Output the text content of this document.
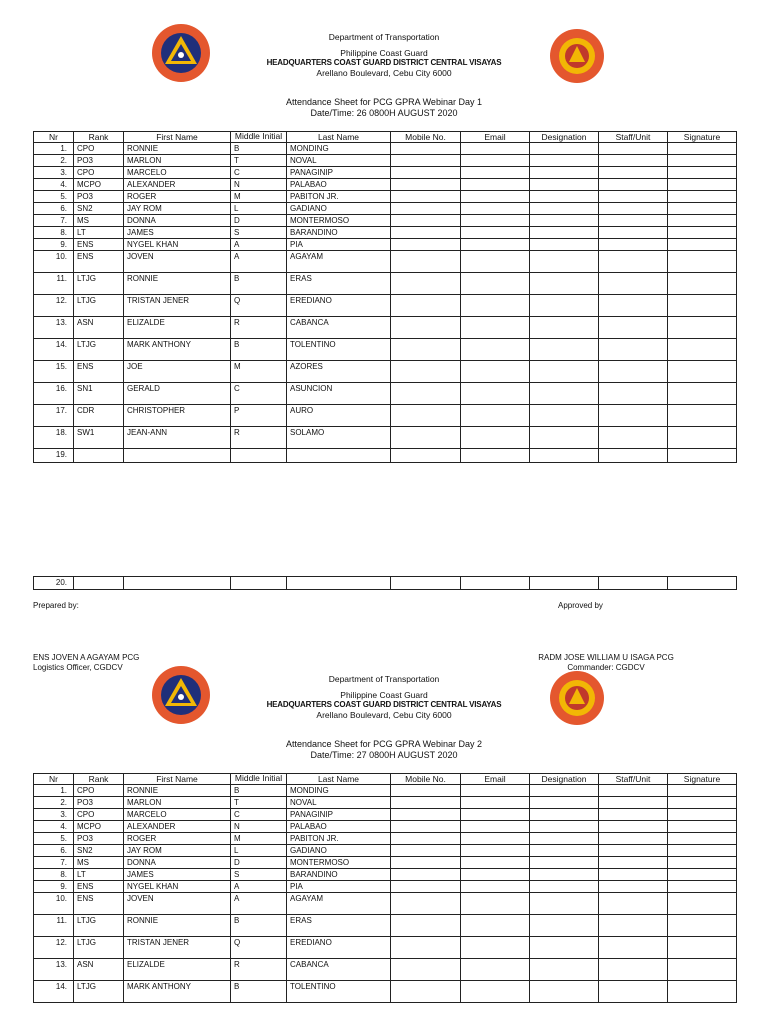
Department of Transportation
Philippine Coast Guard
HEADQUARTERS COAST GUARD DISTRICT CENTRAL VISAYAS
Arellano Boulevard, Cebu City 6000
Attendance Sheet for PCG GPRA Webinar Day 1
Date/Time: 26 0800H AUGUST 2020
Nr	Rank	First Name	Middle Initial	Last Name	Mobile No.	Email	Designation	Staff/Unit	Signature
1.	CPO	RONNIE	B	MONDING					
2.	PO3	MARLON	T	NOVAL					
3.	CPO	MARCELO	C	PANAGINIP					
4.	MCPO	ALEXANDER	N	PALABAO					
5.	PO3	ROGER	M	PABITON JR.					
6.	SN2	JAY ROM	L	GADIANO					
7.	MS	DONNA	D	MONTERMOSO					
8.	LT	JAMES	S	BARANDINO					
9.	ENS	NYGEL KHAN	A	PIA					
10.	ENS	JOVEN	A	AGAYAM					
11.	LTJG	RONNIE	B	ERAS					
12.	LTJG	TRISTAN JENER	Q	EREDIANO					
13.	ASN	ELIZALDE	R	CABANCA					
14.	LTJG	MARK ANTHONY	B	TOLENTINO					
15.	ENS	JOE	M	AZORES					
16.	SN1	GERALD	C	ASUNCION					
17.	CDR	CHRISTOPHER	P	AURO					
18.	SW1	JEAN-ANN	R	SOLAMO					
19.									
20.									
Prepared by:	Approved by
ENS JOVEN A AGAYAM PCG
Logistics Officer, CGDCV
RADM JOSE WILLIAM U ISAGA PCG
Commander: CGDCV
Department of Transportation
Philippine Coast Guard
HEADQUARTERS COAST GUARD DISTRICT CENTRAL VISAYAS
Arellano Boulevard, Cebu City 6000
Attendance Sheet for PCG GPRA Webinar Day 2
Date/Time: 27 0800H AUGUST 2020
Nr	Rank	First Name	Middle Initial	Last Name	Mobile No.	Email	Designation	Staff/Unit	Signature
1.	CPO	RONNIE	B	MONDING					
2.	PO3	MARLON	T	NOVAL					
3.	CPO	MARCELO	C	PANAGINIP					
4.	MCPO	ALEXANDER	N	PALABAO					
5.	PO3	ROGER	M	PABITON JR.					
6.	SN2	JAY ROM	L	GADIANO					
7.	MS	DONNA	D	MONTERMOSO					
8.	LT	JAMES	S	BARANDINO					
9.	ENS	NYGEL KHAN	A	PIA					
10.	ENS	JOVEN	A	AGAYAM					
11.	LTJG	RONNIE	B	ERAS					
12.	LTJG	TRISTAN JENER	Q	EREDIANO					
13.	ASN	ELIZALDE	R	CABANCA					
14.	LTJG	MARK ANTHONY	B	TOLENTINO					
